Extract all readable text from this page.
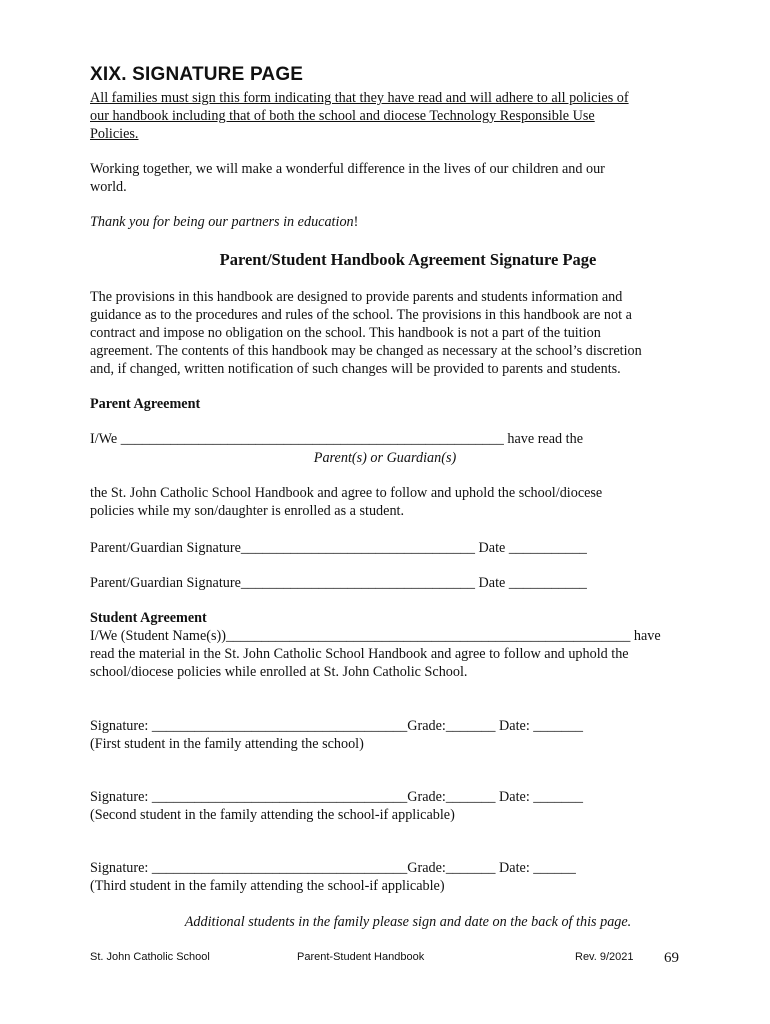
XIX. SIGNATURE PAGE
All families must sign this form indicating that they have read and will adhere to all policies of
our handbook including that of both the school and diocese Technology Responsible Use
Policies.
Working together, we will make a wonderful difference in the lives of our children and our
world.
Thank you for being our partners in education!
Parent/Student Handbook Agreement Signature Page
The provisions in this handbook are designed to provide parents and students information and
guidance as to the procedures and rules of the school. The provisions in this handbook are not a
contract and impose no obligation on the school. This handbook is not a part of the tuition
agreement. The contents of this handbook may be changed as necessary at the school’s discretion
and, if changed, written notification of such changes will be provided to parents and students.
Parent Agreement
I/We ______________________________________________________ have read the
Parent(s) or Guardian(s)
the St. John Catholic School Handbook and agree to follow and uphold the school/diocese
policies while my son/daughter is enrolled as a student.
Parent/Guardian Signature_________________________________ Date ___________
Parent/Guardian Signature_________________________________ Date ___________
Student Agreement
I/We (Student Name(s))_________________________________________________________ have
read the material in the St. John Catholic School Handbook and agree to follow and uphold the
school/diocese policies while enrolled at St. John Catholic School.
Signature: ____________________________________Grade:_______ Date: _______
(First student in the family attending the school)
Signature: ____________________________________Grade:_______ Date: _______
(Second student in the family attending the school-if applicable)
Signature: ____________________________________Grade:_______ Date: ______
(Third student in the family attending the school-if applicable)
Additional students in the family please sign and date on the back of this page.
St. John Catholic School	Parent-Student Handbook	Rev. 9/2021 69
